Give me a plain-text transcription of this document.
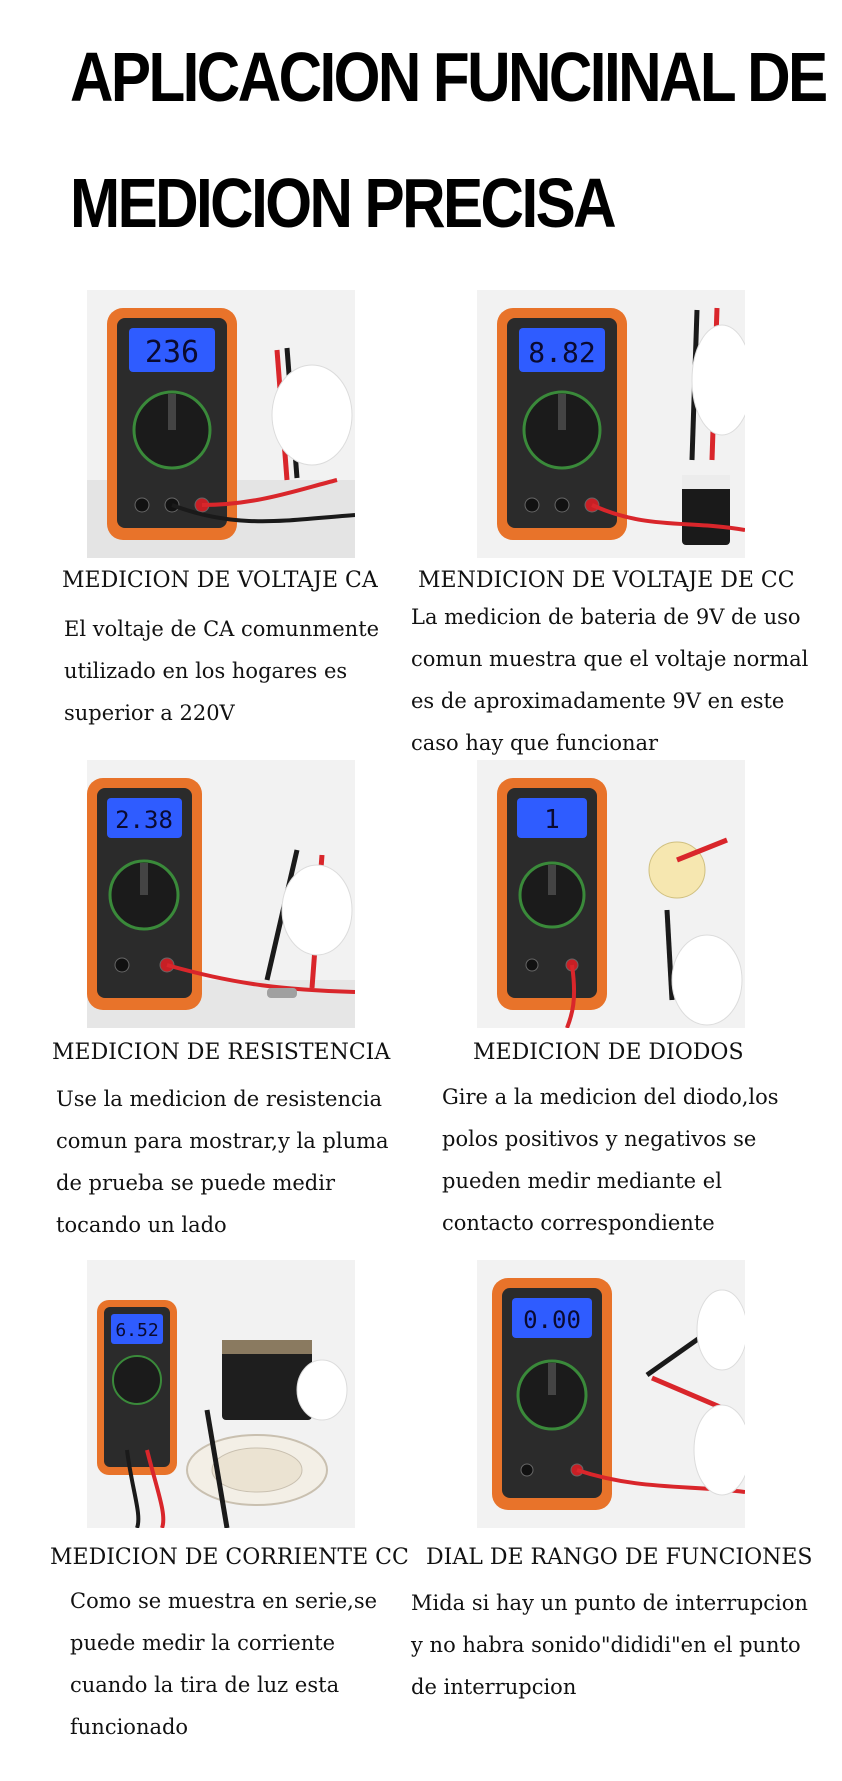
APLICACION FUNCIINAL DE
MEDICION PRECISA
236

MEDICION DE VOLTAJE CA

El voltaje de CA comunmente
utilizado en los hogares es
superior a 220V

8.82

MENDICION DE VOLTAJE DE CC

La medicion de bateria de 9V de uso
comun muestra que el voltaje normal
es de aproximadamente 9V en este
caso hay que funcionar

2.38

MEDICION DE RESISTENCIA

Use la medicion de resistencia
comun para mostrar,y la pluma
de prueba se puede medir
tocando un lado

1

MEDICION DE DIODOS

Gire a la medicion del diodo,los
polos positivos y negativos se
pueden medir mediante el
contacto correspondiente

6.52

MEDICION DE CORRIENTE CC

Como se muestra en serie,se
puede medir la corriente
cuando la tira de luz esta
funcionado

0.00

DIAL DE RANGO DE FUNCIONES

Mida si hay un punto de interrupcion
y no habra sonido"dididi"en el punto
de interrupcion
